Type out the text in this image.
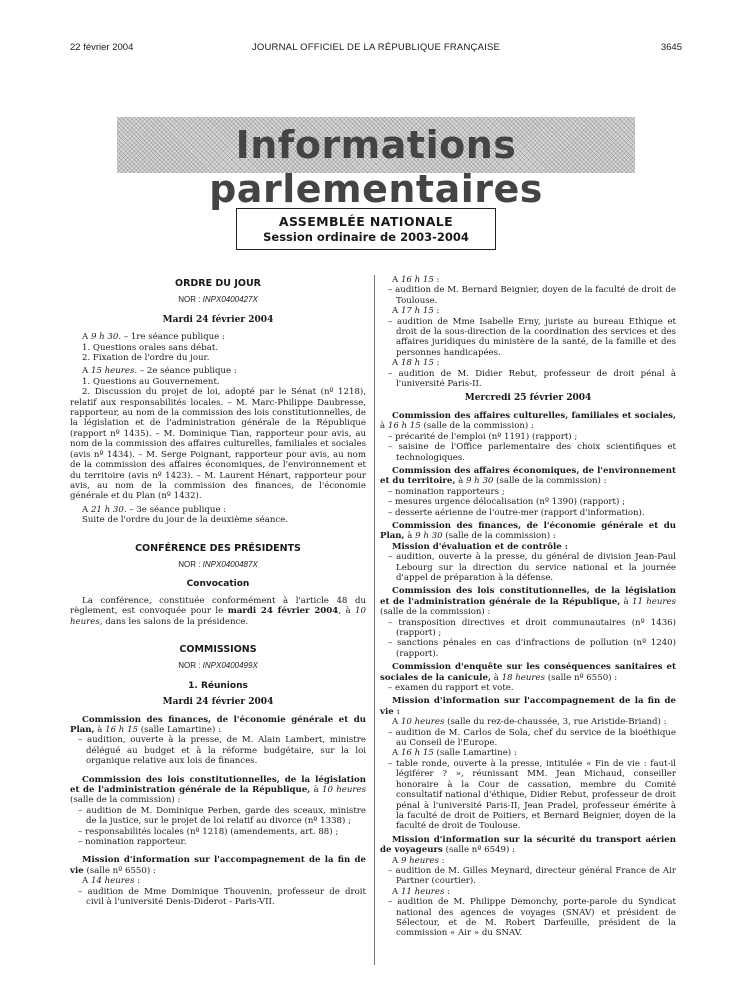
22 février 2004	JOURNAL OFFICIEL DE LA RÉPUBLIQUE FRANÇAISE	3645
Informations parlementaires
ASSEMBLÉE NATIONALE
Session ordinaire de 2003-2004
ORDRE DU JOUR
NOR : INPX0400427X
Mardi 24 février 2004

A 9 h 30. – 1re séance publique :

1. Questions orales sans débat.

2. Fixation de l'ordre du jour.

A 15 heures. – 2e séance publique :

1. Questions au Gouvernement.

2. Discussion du projet de loi, adopté par le Sénat (nº 1218), relatif aux responsabilités locales. – M. Marc-Philippe Daubresse, rapporteur, au nom de la commission des lois constitutionnelles, de la législation et de l'administration générale de la République (rapport nº 1435). – M. Dominique Tian, rapporteur pour avis, au nom de la commission des affaires culturelles, familiales et sociales (avis nº 1434). – M. Serge Poignant, rapporteur pour avis, au nom de la commission des affaires économiques, de l'environnement et du territoire (avis nº 1423). – M. Laurent Hénart, rapporteur pour avis, au nom de la commission des finances, de l'économie générale et du Plan (nº 1432).

A 21 h 30. – 3e séance publique :

Suite de l'ordre du jour de la deuxième séance.

CONFÉRENCE DES PRÉSIDENTS
NOR : INPX0400487X
Convocation

La conférence, constituée conformément à l'article 48 du règlement, est convoquée pour le mardi 24 février 2004, à 10 heures, dans les salons de la présidence.

COMMISSIONS
NOR : INPX0400499X
1. Réunions
Mardi 24 février 2004

Commission des finances, de l'économie générale et du Plan, à 16 h 15 (salle Lamartine) :

– audition, ouverte à la presse, de M. Alain Lambert, ministre délégué au budget et à la réforme budgétaire, sur la loi organique relative aux lois de finances.

Commission des lois constitutionnelles, de la législation et de l'administration générale de la République, à 10 heures (salle de la commission) :

– audition de M. Dominique Perben, garde des sceaux, ministre de la justice, sur le projet de loi relatif au divorce (nº 1338) ;

– responsabilités locales (nº 1218) (amendements, art. 88) ;

– nomination rapporteur.

Mission d'information sur l'accompagnement de la fin de vie (salle nº 6550) :

A 14 heures :

– audition de Mme Dominique Thouvenin, professeur de droit civil à l'université Denis-Diderot - Paris-VII.

A 16 h 15 :

– audition de M. Bernard Beignier, doyen de la faculté de droit de Toulouse.

A 17 h 15 :

– audition de Mme Isabelle Erny, juriste au bureau Ethique et droit de la sous-direction de la coordination des services et des affaires juridiques du ministère de la santé, de la famille et des personnes handicapées.

A 18 h 15 :

– audition de M. Didier Rebut, professeur de droit pénal à l'université Paris-II.

Mercredi 25 février 2004

Commission des affaires culturelles, familiales et sociales, à 16 h 15 (salle de la commission) :

– précarité de l'emploi (nº 1191) (rapport) ;

– saisine de l'Office parlementaire des choix scientifiques et technologiques.

Commission des affaires économiques, de l'environnement et du territoire, à 9 h 30 (salle de la commission) :

– nomination rapporteurs ;

– mesures urgence délocalisation (nº 1390) (rapport) ;

– desserte aérienne de l'outre-mer (rapport d'information).

Commission des finances, de l'économie générale et du Plan, à 9 h 30 (salle de la commission) :

Mission d'évaluation et de contrôle :

– audition, ouverte à la presse, du général de division Jean-Paul Lebourg sur la direction du service national et la journée d'appel de préparation à la défense.

Commission des lois constitutionnelles, de la législation et de l'administration générale de la République, à 11 heures (salle de la commission) :

– transposition directives et droit communautaires (nº 1436) (rapport) ;

– sanctions pénales en cas d'infractions de pollution (nº 1240) (rapport).

Commission d'enquête sur les conséquences sanitaires et sociales de la canicule, à 18 heures (salle nº 6550) :

– examen du rapport et vote.

Mission d'information sur l'accompagnement de la fin de vie :

A 10 heures (salle du rez-de-chaussée, 3, rue Aristide-Briand) :

– audition de M. Carlos de Sola, chef du service de la bioéthique au Conseil de l'Europe.

A 16 h 15 (salle Lamartine) :

– table ronde, ouverte à la presse, intitulée « Fin de vie : faut-il légiférer ? », réunissant MM. Jean Michaud, conseiller honoraire à la Cour de cassation, membre du Comité consultatif national d'éthique, Didier Rebut, professeur de droit pénal à l'université Paris-II, Jean Pradel, professeur émérite à la faculté de droit de Poitiers, et Bernard Beignier, doyen de la faculté de droit de Toulouse.

Mission d'information sur la sécurité du transport aérien de voyageurs (salle nº 6549) :

A 9 heures :

– audition de M. Gilles Meynard, directeur général France de Air Partner (courtier).

A 11 heures :

– audition de M. Philippe Demonchy, porte-parole du Syndicat national des agences de voyages (SNAV) et président de Sélectour, et de M. Robert Darfeuille, président de la commission « Air » du SNAV.
